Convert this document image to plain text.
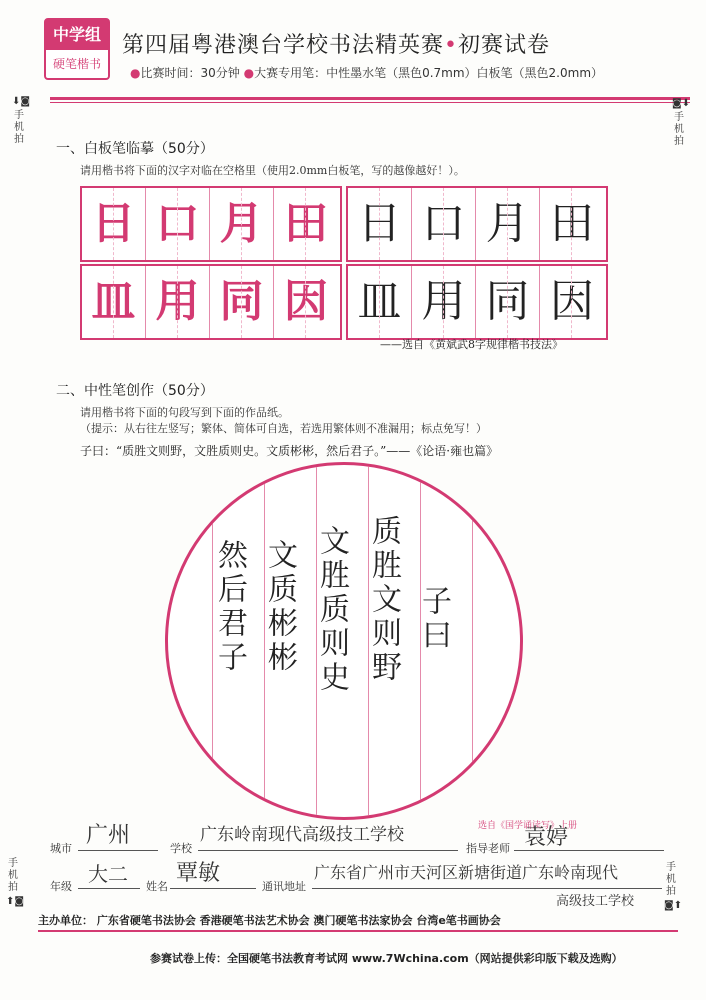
中学组
硬笔楷书
第四届粤港澳台学校书法精英赛•初赛试卷
●比赛时间：30分钟 ●大赛专用笔：中性墨水笔（黑色0.7mm）白板笔（黑色2.0mm）
⬇◙
手机拍
◙⬇
手机拍
手机拍
⬆◙
手机拍
◙⬆
一、白板笔临摹（50分）
请用楷书将下面的汉字对临在空格里（使用2.0mm白板笔，写的越像越好！）。
日 口 月 田 日 口 月 田
皿 用 同 因 皿 用 同 因
——选自《黄斌武8字规律楷书技法》
二、中性笔创作（50分）
请用楷书将下面的句段写到下面的作品纸。
（提示：从右往左竖写；繁体、简体可自选，若选用繁体则不准漏用；标点免写！）
子曰：“质胜文则野，文胜质则史。文质彬彬，然后君子。”——《论语·雍也篇》
子曰
质胜文则野
文胜质则史
文质彬彬
然后君子
选自《国学诵读写》上册
城市
广州
学校
广东岭南现代高级技工学校
指导老师 袁婷
年级
大二
姓名
覃敏
通讯地址
广东省广州市天河区新塘街道广东岭南现代
高级技工学校
主办单位： 广东省硬笔书法协会 香港硬笔书法艺术协会 澳门硬笔书法家协会 台湾e笔书画协会
参赛试卷上传：全国硬笔书法教育考试网 www.7Wchina.com（网站提供彩印版下载及选购）
